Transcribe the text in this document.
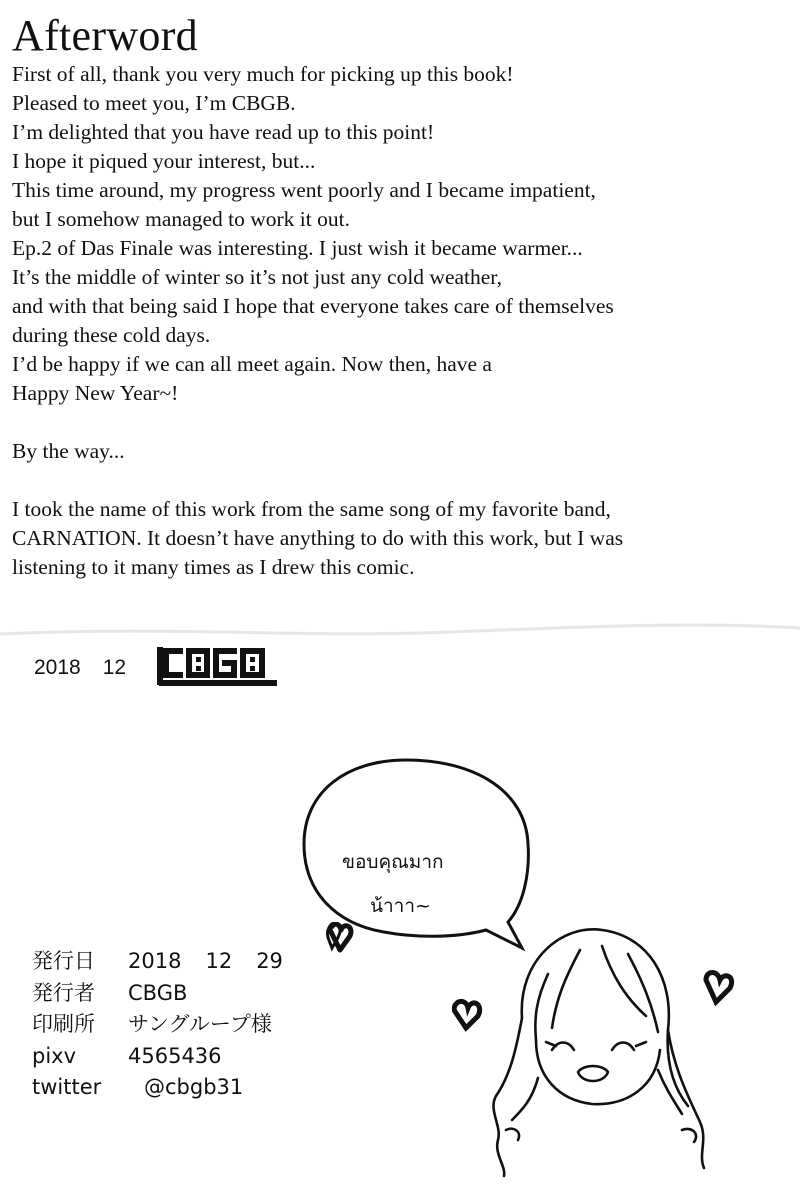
Afterword
First of all, thank you very much for picking up this book!
Pleased to meet you, I’m CBGB.
I’m delighted that you have read up to this point!
I hope it piqued your interest, but...
This time around, my progress went poorly and I became impatient,
but I somehow managed to work it out.
Ep.2 of Das Finale was interesting. I just wish it became warmer...
It’s the middle of winter so it’s not just any cold weather,
and with that being said I hope that everyone takes care of themselves
during these cold days.
I’d be happy if we can all meet again. Now then, have a
Happy New Year~!
By the way...
I took the name of this work from the same song of my favorite band,
CARNATION. It doesn’t have anything to do with this work, but I was
listening to it many times as I drew this comic.
2018 12
ขอบคุณมาก
น้าาา~
発行日	2018 12 29
発行者	CBGB
印刷所	サングループ様
pixv	4565436
twitter	@cbgb31
